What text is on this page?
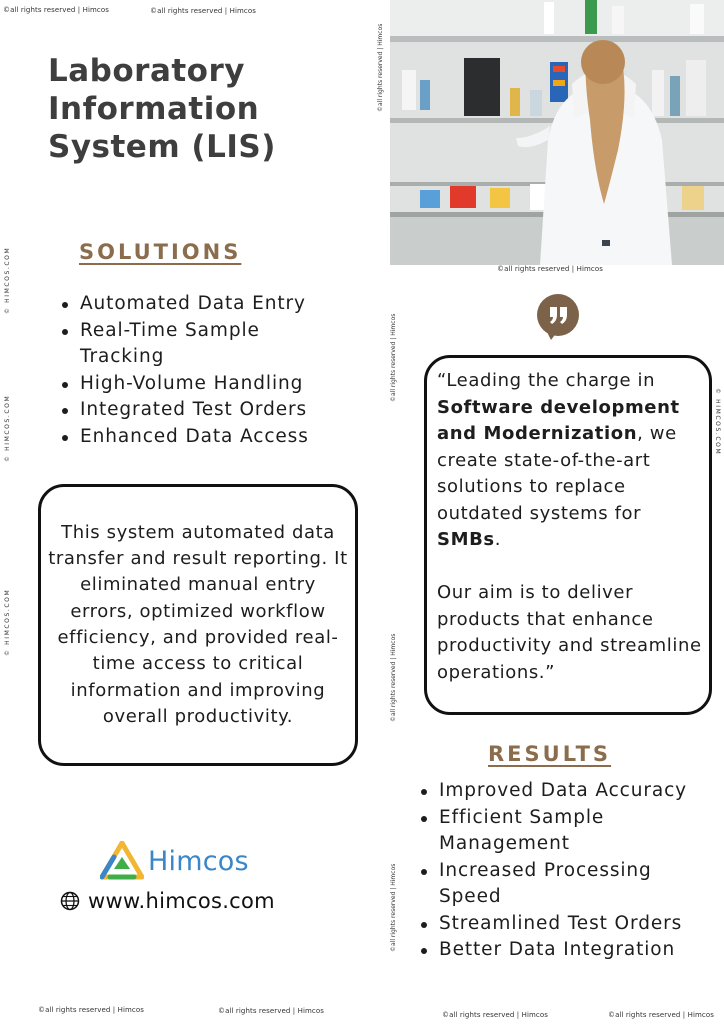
©all rights reserved | Himcos	©all rights reserved | Himcos
©all rights reserved | Himcos
©all rights reserved | Himcos	©all rights reserved | Himcos	©all rights reserved | Himcos	©all rights reserved | Himcos
©all rights reserved | Himcos
©all rights reserved | Himcos
©all rights reserved | Himcos
©all rights reserved | Himcos
© HIMCOS.COM
© HIMCOS.COM
© HIMCOS.COM
© HIMCOS.COM
Laboratory
Information
System (LIS)
SOLUTIONS
Automated Data Entry
Real-Time Sample Tracking
High-Volume Handling
Integrated Test Orders
Enhanced Data Access

This system automated data transfer and result reporting. It eliminated manual entry errors, optimized workflow efficiency, and provided real-time access to critical information and improving overall productivity.

“Leading the charge in Software development and Modernization, we create state-of-the-art solutions to replace outdated systems for SMBs.

Our aim is to deliver products that enhance productivity and streamline operations.”

RESULTS
Improved Data Accuracy
Efficient Sample Management
Increased Processing Speed
Streamlined Test Orders
Better Data Integration
Himcos
www.himcos.com
